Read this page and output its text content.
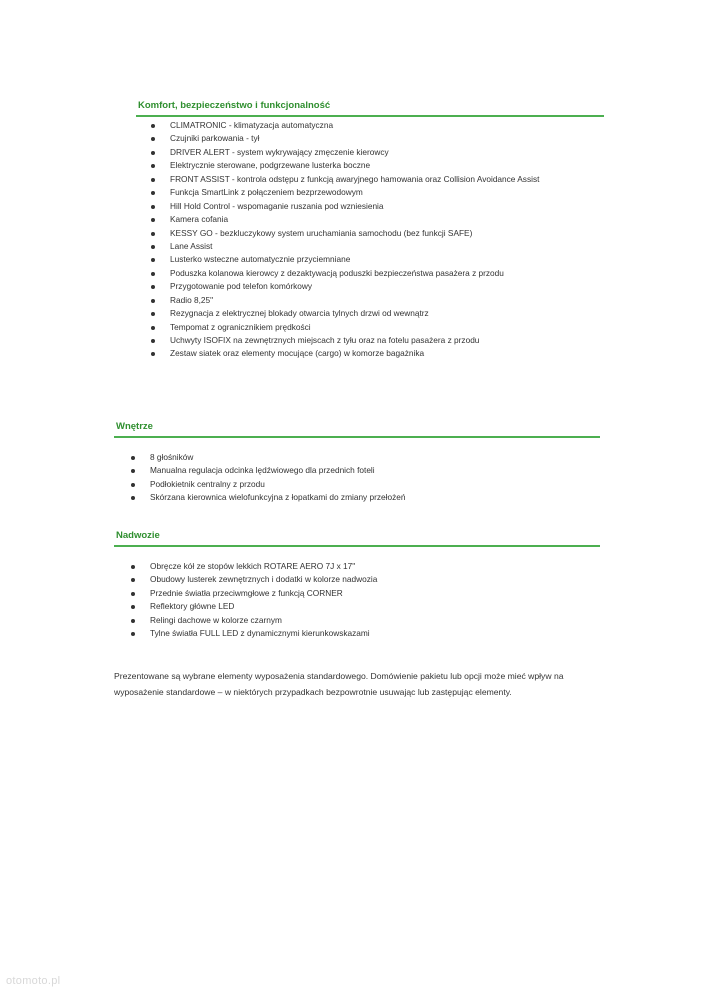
Komfort, bezpieczeństwo i funkcjonalność
CLIMATRONIC - klimatyzacja automatyczna
Czujniki parkowania - tył
DRIVER ALERT - system wykrywający zmęczenie kierowcy
Elektrycznie sterowane, podgrzewane lusterka boczne
FRONT ASSIST - kontrola odstępu z funkcją awaryjnego hamowania oraz Collision Avoidance Assist
Funkcja SmartLink z połączeniem bezprzewodowym
Hill Hold Control - wspomaganie ruszania pod wzniesienia
Kamera cofania
KESSY GO - bezkluczykowy system uruchamiania samochodu (bez funkcji SAFE)
Lane Assist
Lusterko wsteczne automatycznie przyciemniane
Poduszka kolanowa kierowcy z dezaktywacją poduszki bezpieczeństwa pasażera z przodu
Przygotowanie pod telefon komórkowy
Radio 8,25"
Rezygnacja z elektrycznej blokady otwarcia tylnych drzwi od wewnątrz
Tempomat z ogranicznikiem prędkości
Uchwyty ISOFIX na zewnętrznych miejscach z tyłu oraz na fotelu pasażera z przodu
Zestaw siatek oraz elementy mocujące (cargo) w komorze bagażnika
Wnętrze
8 głośników
Manualna regulacja odcinka lędźwiowego dla przednich foteli
Podłokietnik centralny z przodu
Skórzana kierownica wielofunkcyjna z łopatkami do zmiany przełożeń
Nadwozie
Obręcze kół ze stopów lekkich ROTARE AERO 7J x 17"
Obudowy lusterek zewnętrznych i dodatki w kolorze nadwozia
Przednie światła przeciwmgłowe z funkcją CORNER
Reflektory główne LED
Relingi dachowe w kolorze czarnym
Tylne światła FULL LED z dynamicznymi kierunkowskazami

Prezentowane są wybrane elementy wyposażenia standardowego. Domówienie pakietu lub opcji może mieć wpływ na wyposażenie standardowe – w niektórych przypadkach bezpowrotnie usuwając lub zastępując elementy.

otomoto.pl
